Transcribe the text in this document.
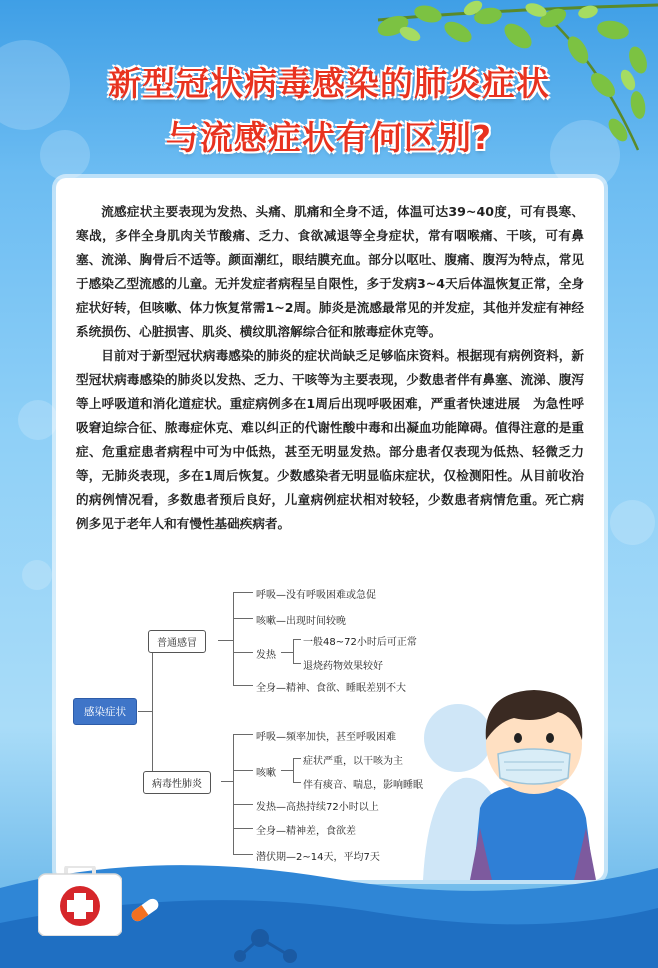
新型冠状病毒感染的肺炎症状
与流感症状有何区别?

流感症状主要表现为发热、头痛、肌痛和全身不适，体温可达39~40度，可有畏寒、寒战，多伴全身肌肉关节酸痛、乏力、食欲减退等全身症状，常有咽喉痛、干咳，可有鼻塞、流涕、胸骨后不适等。颜面潮红，眼结膜充血。部分以呕吐、腹痛、腹泻为特点，常见于感染乙型流感的儿童。无并发症者病程呈自限性，多于发病3~4天后体温恢复正常，全身症状好转，但咳嗽、体力恢复常需1~2周。肺炎是流感最常见的并发症，其他并发症有神经系统损伤、心脏损害、肌炎、横纹肌溶解综合征和脓毒症休克等。

目前对于新型冠状病毒感染的肺炎的症状尚缺乏足够临床资料。根据现有病例资料，新型冠状病毒感染的肺炎以发热、乏力、干咳等为主要表现，少数患者伴有鼻塞、流涕、腹泻等上呼吸道和消化道症状。重症病例多在1周后出现呼吸困难，严重者快速进展　为急性呼吸窘迫综合征、脓毒症休克、难以纠正的代谢性酸中毒和出凝血功能障碍。值得注意的是重症、危重症患者病程中可为中低热，甚至无明显发热。部分患者仅表现为低热、轻微乏力等，无肺炎表现，多在1周后恢复。少数感染者无明显临床症状，仅检测阳性。从目前收治的病例情况看，多数患者预后良好，儿童病例症状相对较轻，少数患者病情危重。死亡病 例多见于老年人和有慢性基础疾病者。

感染症状
普通感冒
呼吸—没有呼吸困难或急促
咳嗽—出现时间较晚
发热
一般48~72小时后可正常
退烧药物效果较好
全身—精神、食欲、睡眠差别不大
病毒性肺炎
呼吸—频率加快，甚至呼吸困难
咳嗽
症状严重，以干咳为主
伴有痰音、喘息，影响睡眠
发热—高热持续72小时以上
全身—精神差，食欲差
潜伏期—2~14天，平均7天
